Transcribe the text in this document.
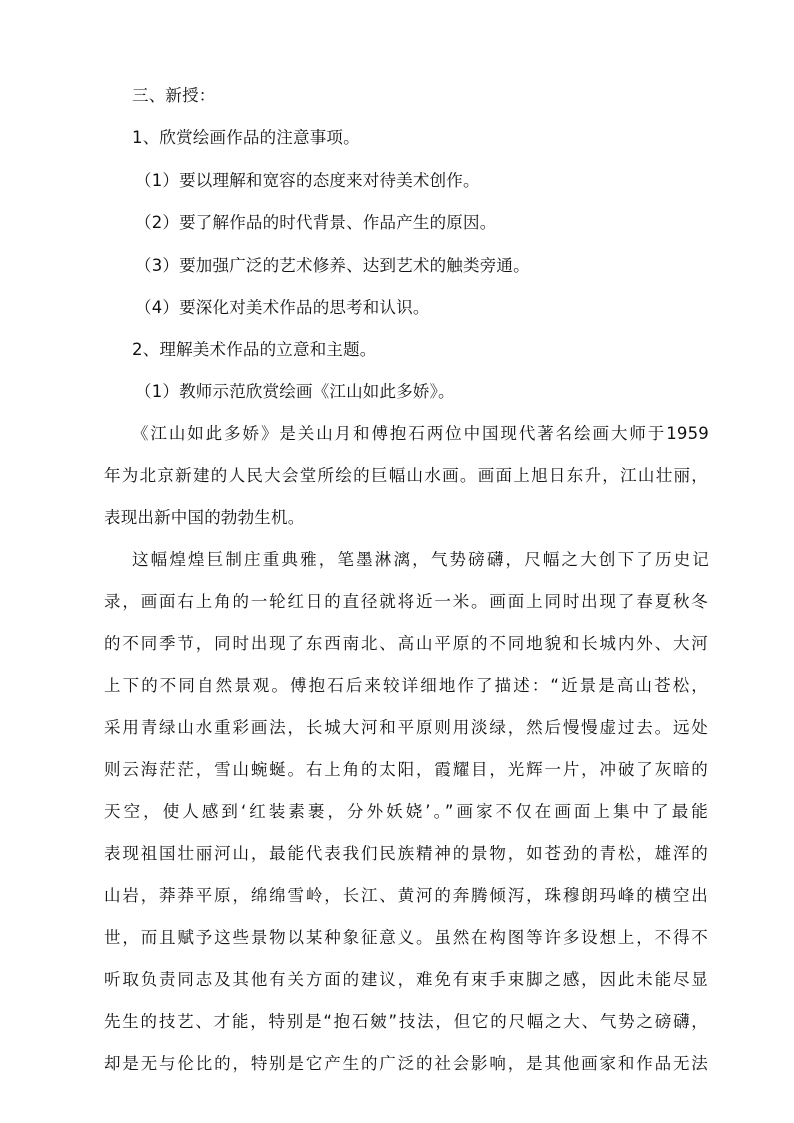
三、新授：
1、欣赏绘画作品的注意事项。
（1）要以理解和宽容的态度来对待美术创作。
（2）要了解作品的时代背景、作品产生的原因。
（3）要加强广泛的艺术修养、达到艺术的触类旁通。
（4）要深化对美术作品的思考和认识。
2、理解美术作品的立意和主题。
（1）教师示范欣赏绘画《江山如此多娇》。
《江山如此多娇》是关山月和傅抱石两位中国现代著名绘画大师于1959
年为北京新建的人民大会堂所绘的巨幅山水画。画面上旭日东升，江山壮丽，
表现出新中国的勃勃生机。
这幅煌煌巨制庄重典雅，笔墨淋漓，气势磅礴，尺幅之大创下了历史记
录，画面右上角的一轮红日的直径就将近一米。画面上同时出现了春夏秋冬
的不同季节，同时出现了东西南北、高山平原的不同地貌和长城内外、大河
上下的不同自然景观。傅抱石后来较详细地作了描述：“近景是高山苍松，
采用青绿山水重彩画法，长城大河和平原则用淡绿，然后慢慢虚过去。远处
则云海茫茫，雪山蜿蜒。右上角的太阳，霞耀目，光辉一片，冲破了灰暗的
天空，使人感到‘红装素裹，分外妖娆’。”画家不仅在画面上集中了最能
表现祖国壮丽河山，最能代表我们民族精神的景物，如苍劲的青松，雄浑的
山岩，莽莽平原，绵绵雪岭，长江、黄河的奔腾倾泻，珠穆朗玛峰的横空出
世，而且赋予这些景物以某种象征意义。虽然在构图等许多设想上，不得不
听取负责同志及其他有关方面的建议，难免有束手束脚之感，因此未能尽显
先生的技艺、才能，特别是“抱石皴”技法，但它的尺幅之大、气势之磅礴，
却是无与伦比的，特别是它产生的广泛的社会影响，是其他画家和作品无法
